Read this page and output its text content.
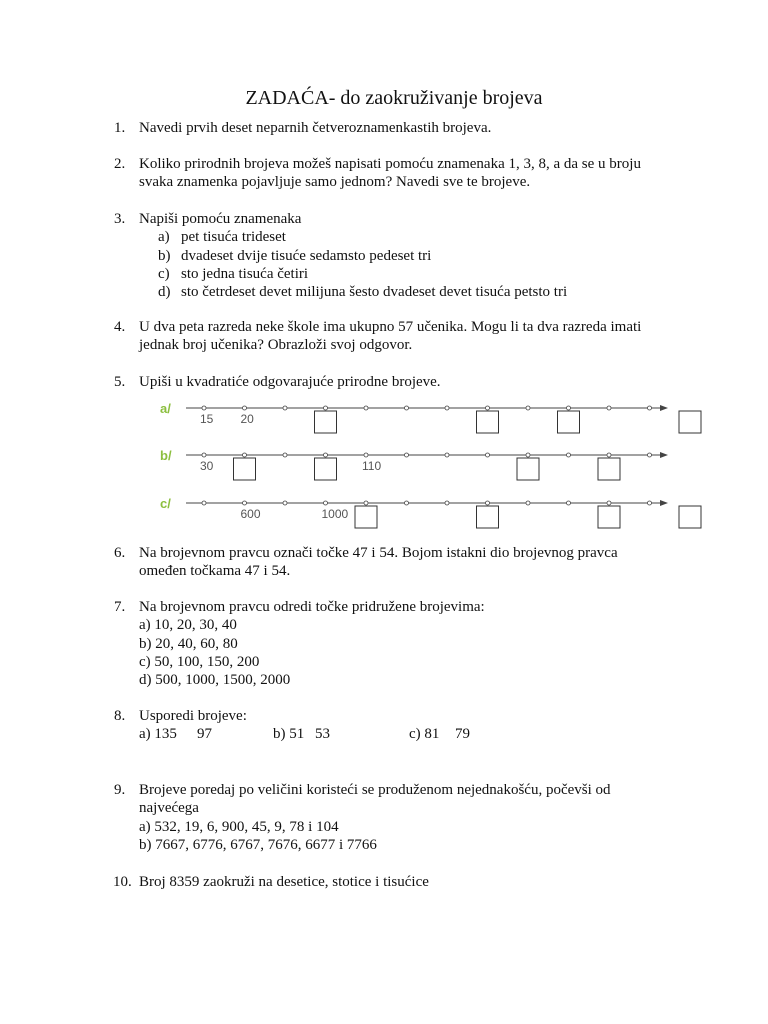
ZADAĆA- do zaokruživanje brojeva
1. Navedi prvih deset neparnih četveroznamenkastih brojeva.
2. Koliko prirodnih brojeva možeš napisati pomoću znamenaka 1, 3, 8, a da se u broju
svaka znamenka pojavljuje samo jednom? Navedi sve te brojeve.
3. Napiši pomoću znamenaka
a) pet tisuća trideset
b) dvadeset dvije tisuće sedamsto pedeset tri
c) sto jedna tisuća četiri
d) sto četrdeset devet milijuna šesto dvadeset devet tisuća petsto tri
4. U dva peta razreda neke škole ima ukupno 57 učenika. Mogu li ta dva razreda imati
jednak broj učenika? Obrazloži svoj odgovor.
5. Upiši u kvadratiće odgovarajuće prirodne brojeve.
a/
15 20
b/
30	110
c/
600	1000
6. Na brojevnom pravcu označi točke 47 i 54. Bojom istakni dio brojevnog pravca
omeđen točkama 47 i 54.
7. Na brojevnom pravcu odredi točke pridružene brojevima:
a) 10, 20, 30, 40
b) 20, 40, 60, 80
c) 50, 100, 150, 200
d) 500, 1000, 1500, 2000
8. Usporedi brojeve:
a) 135 97	b) 51 53	c) 81 79
9. Brojeve poredaj po veličini koristeći se produženom nejednakošću, počevši od
najvećega
a) 532, 19, 6, 900, 45, 9, 78 i 104
b) 7667, 6776, 6767, 7676, 6677 i 7766
10. Broj 8359 zaokruži na desetice, stotice i tisućice
